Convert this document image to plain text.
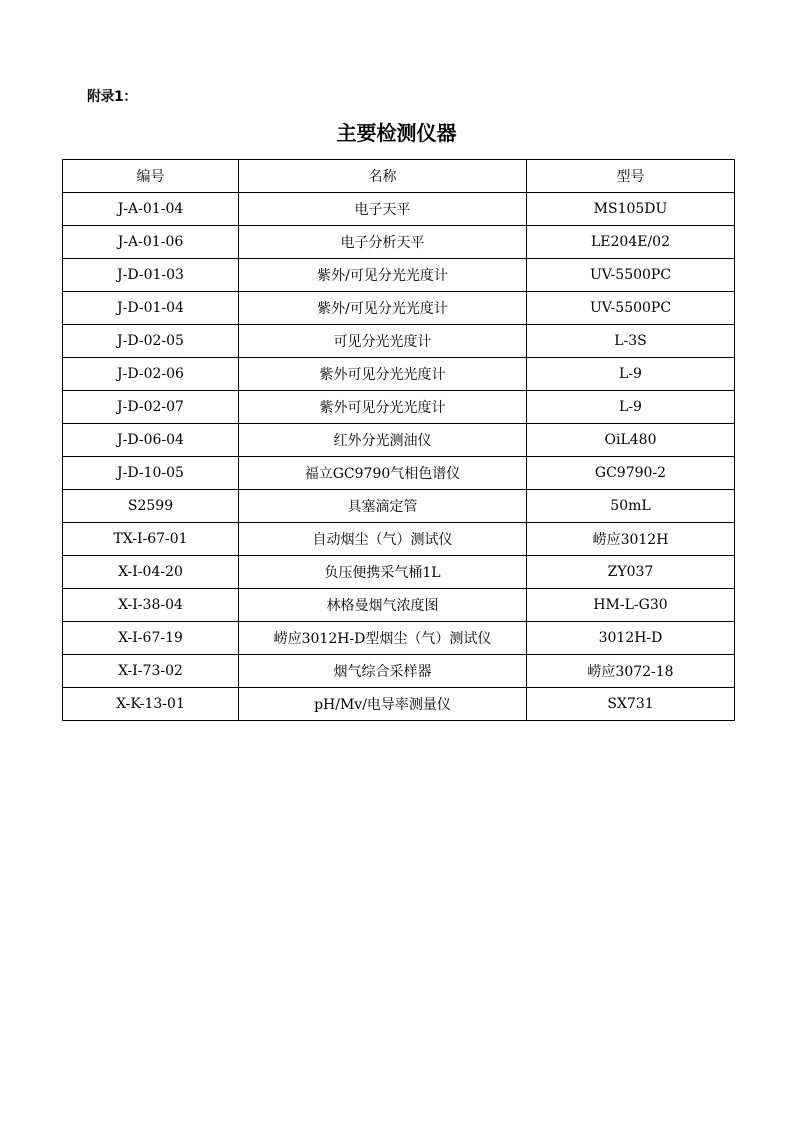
附录1：
主要检测仪器
编号	名称	型号
J-A-01-04	电子天平	MS105DU
J-A-01-06	电子分析天平	LE204E/02
J-D-01-03	紫外/可见分光光度计	UV-5500PC
J-D-01-04	紫外/可见分光光度计	UV-5500PC
J-D-02-05	可见分光光度计	L-3S
J-D-02-06	紫外可见分光光度计	L-9
J-D-02-07	紫外可见分光光度计	L-9
J-D-06-04	红外分光测油仪	OiL480
J-D-10-05	福立GC9790气相色谱仪	GC9790-2
S2599	具塞滴定管	50mL
TX-I-67-01	自动烟尘（气）测试仪	崂应3012H
X-I-04-20	负压便携采气桶1L	ZY037
X-I-38-04	林格曼烟气浓度图	HM-L-G30
X-I-67-19	崂应3012H-D型烟尘（气）测试仪	3012H-D
X-I-73-02	烟气综合采样器	崂应3072-18
X-K-13-01	pH/Mv/电导率测量仪	SX731
